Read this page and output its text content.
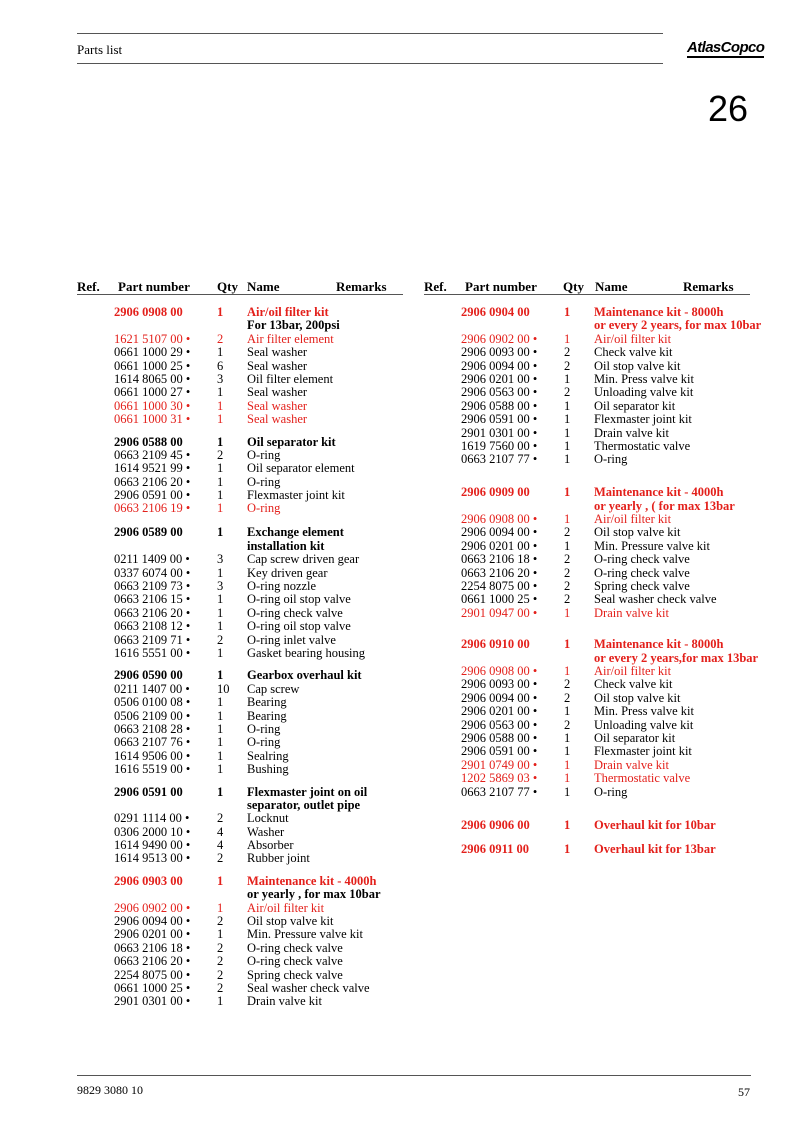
Parts list	AtlasCopco
26
Ref. Part number Qty Name	Remarks	Ref. Part number Qty Name	Remarks
2906 0908 00	1 Air/oil filter kit
For 13bar, 200psi
1621 5107 00 • 2 Air filter element
0661 1000 29 • 1 Seal washer
0661 1000 25 • 6 Seal washer
1614 8065 00 • 3 Oil filter element
0661 1000 27 • 1 Seal washer
0661 1000 30 • 1 Seal washer
0661 1000 31 • 1 Seal washer
2906 0588 00	1 Oil separator kit
0663 2109 45 • 2 O-ring
1614 9521 99 • 1 Oil separator element
0663 2106 20 • 1 O-ring
2906 0591 00 • 1 Flexmaster joint kit
0663 2106 19 • 1 O-ring
2906 0589 00	1 Exchange element
installation kit
0211 1409 00 • 3 Cap screw driven gear
0337 6074 00 • 1 Key driven gear
0663 2109 73 • 3 O-ring nozzle
0663 2106 15 • 1 O-ring oil stop valve
0663 2106 20 • 1 O-ring check valve
0663 2108 12 • 1 O-ring oil stop valve
0663 2109 71 • 2 O-ring inlet valve
1616 5551 00 • 1 Gasket bearing housing
2906 0590 00	1 Gearbox overhaul kit
0211 1407 00 • 10 Cap screw
0506 0100 08 • 1 Bearing
0506 2109 00 • 1 Bearing
0663 2108 28 • 1 O-ring
0663 2107 76 • 1 O-ring
1614 9506 00 • 1 Sealring
1616 5519 00 • 1 Bushing
2906 0591 00	1 Flexmaster joint on oil
separator, outlet pipe
0291 1114 00 • 2 Locknut
0306 2000 10 • 4 Washer
1614 9490 00 • 4 Absorber
1614 9513 00 • 2 Rubber joint
2906 0903 00	1 Maintenance kit - 4000h
or yearly , for max 10bar
2906 0902 00 • 1 Air/oil filter kit
2906 0094 00 • 2 Oil stop valve kit
2906 0201 00 • 1 Min. Pressure valve kit
0663 2106 18 • 2 O-ring check valve
0663 2106 20 • 2 O-ring check valve
2254 8075 00 • 2 Spring check valve
0661 1000 25 • 2 Seal washer check valve
2901 0301 00 • 1 Drain valve kit
2906 0904 00	1 Maintenance kit - 8000h
or every 2 years, for max 10bar
2906 0902 00 • 1 Air/oil filter kit
2906 0093 00 • 2 Check valve kit
2906 0094 00 • 2 Oil stop valve kit
2906 0201 00 • 1 Min. Press valve kit
2906 0563 00 • 2 Unloading valve kit
2906 0588 00 • 1 Oil separator kit
2906 0591 00 • 1 Flexmaster joint kit
2901 0301 00 • 1 Drain valve kit
1619 7560 00 • 1 Thermostatic valve
0663 2107 77 • 1 O-ring
2906 0909 00	1 Maintenance kit - 4000h
or yearly , ( for max 13bar
2906 0908 00 • 1 Air/oil filter kit
2906 0094 00 • 2 Oil stop valve kit
2906 0201 00 • 1 Min. Pressure valve kit
0663 2106 18 • 2 O-ring check valve
0663 2106 20 • 2 O-ring check valve
2254 8075 00 • 2 Spring check valve
0661 1000 25 • 2 Seal washer check valve
2901 0947 00 • 1 Drain valve kit
2906 0910 00	1 Maintenance kit - 8000h
or every 2 years,for max 13bar
2906 0908 00 • 1 Air/oil filter kit
2906 0093 00 • 2 Check valve kit
2906 0094 00 • 2 Oil stop valve kit
2906 0201 00 • 1 Min. Press valve kit
2906 0563 00 • 2 Unloading valve kit
2906 0588 00 • 1 Oil separator kit
2906 0591 00 • 1 Flexmaster joint kit
2901 0749 00 • 1 Drain valve kit
1202 5869 03 • 1 Thermostatic valve
0663 2107 77 • 1 O-ring
2906 0906 00	1 Overhaul kit for 10bar
2906 0911 00	1 Overhaul kit for 13bar
9829 3080 10	57
